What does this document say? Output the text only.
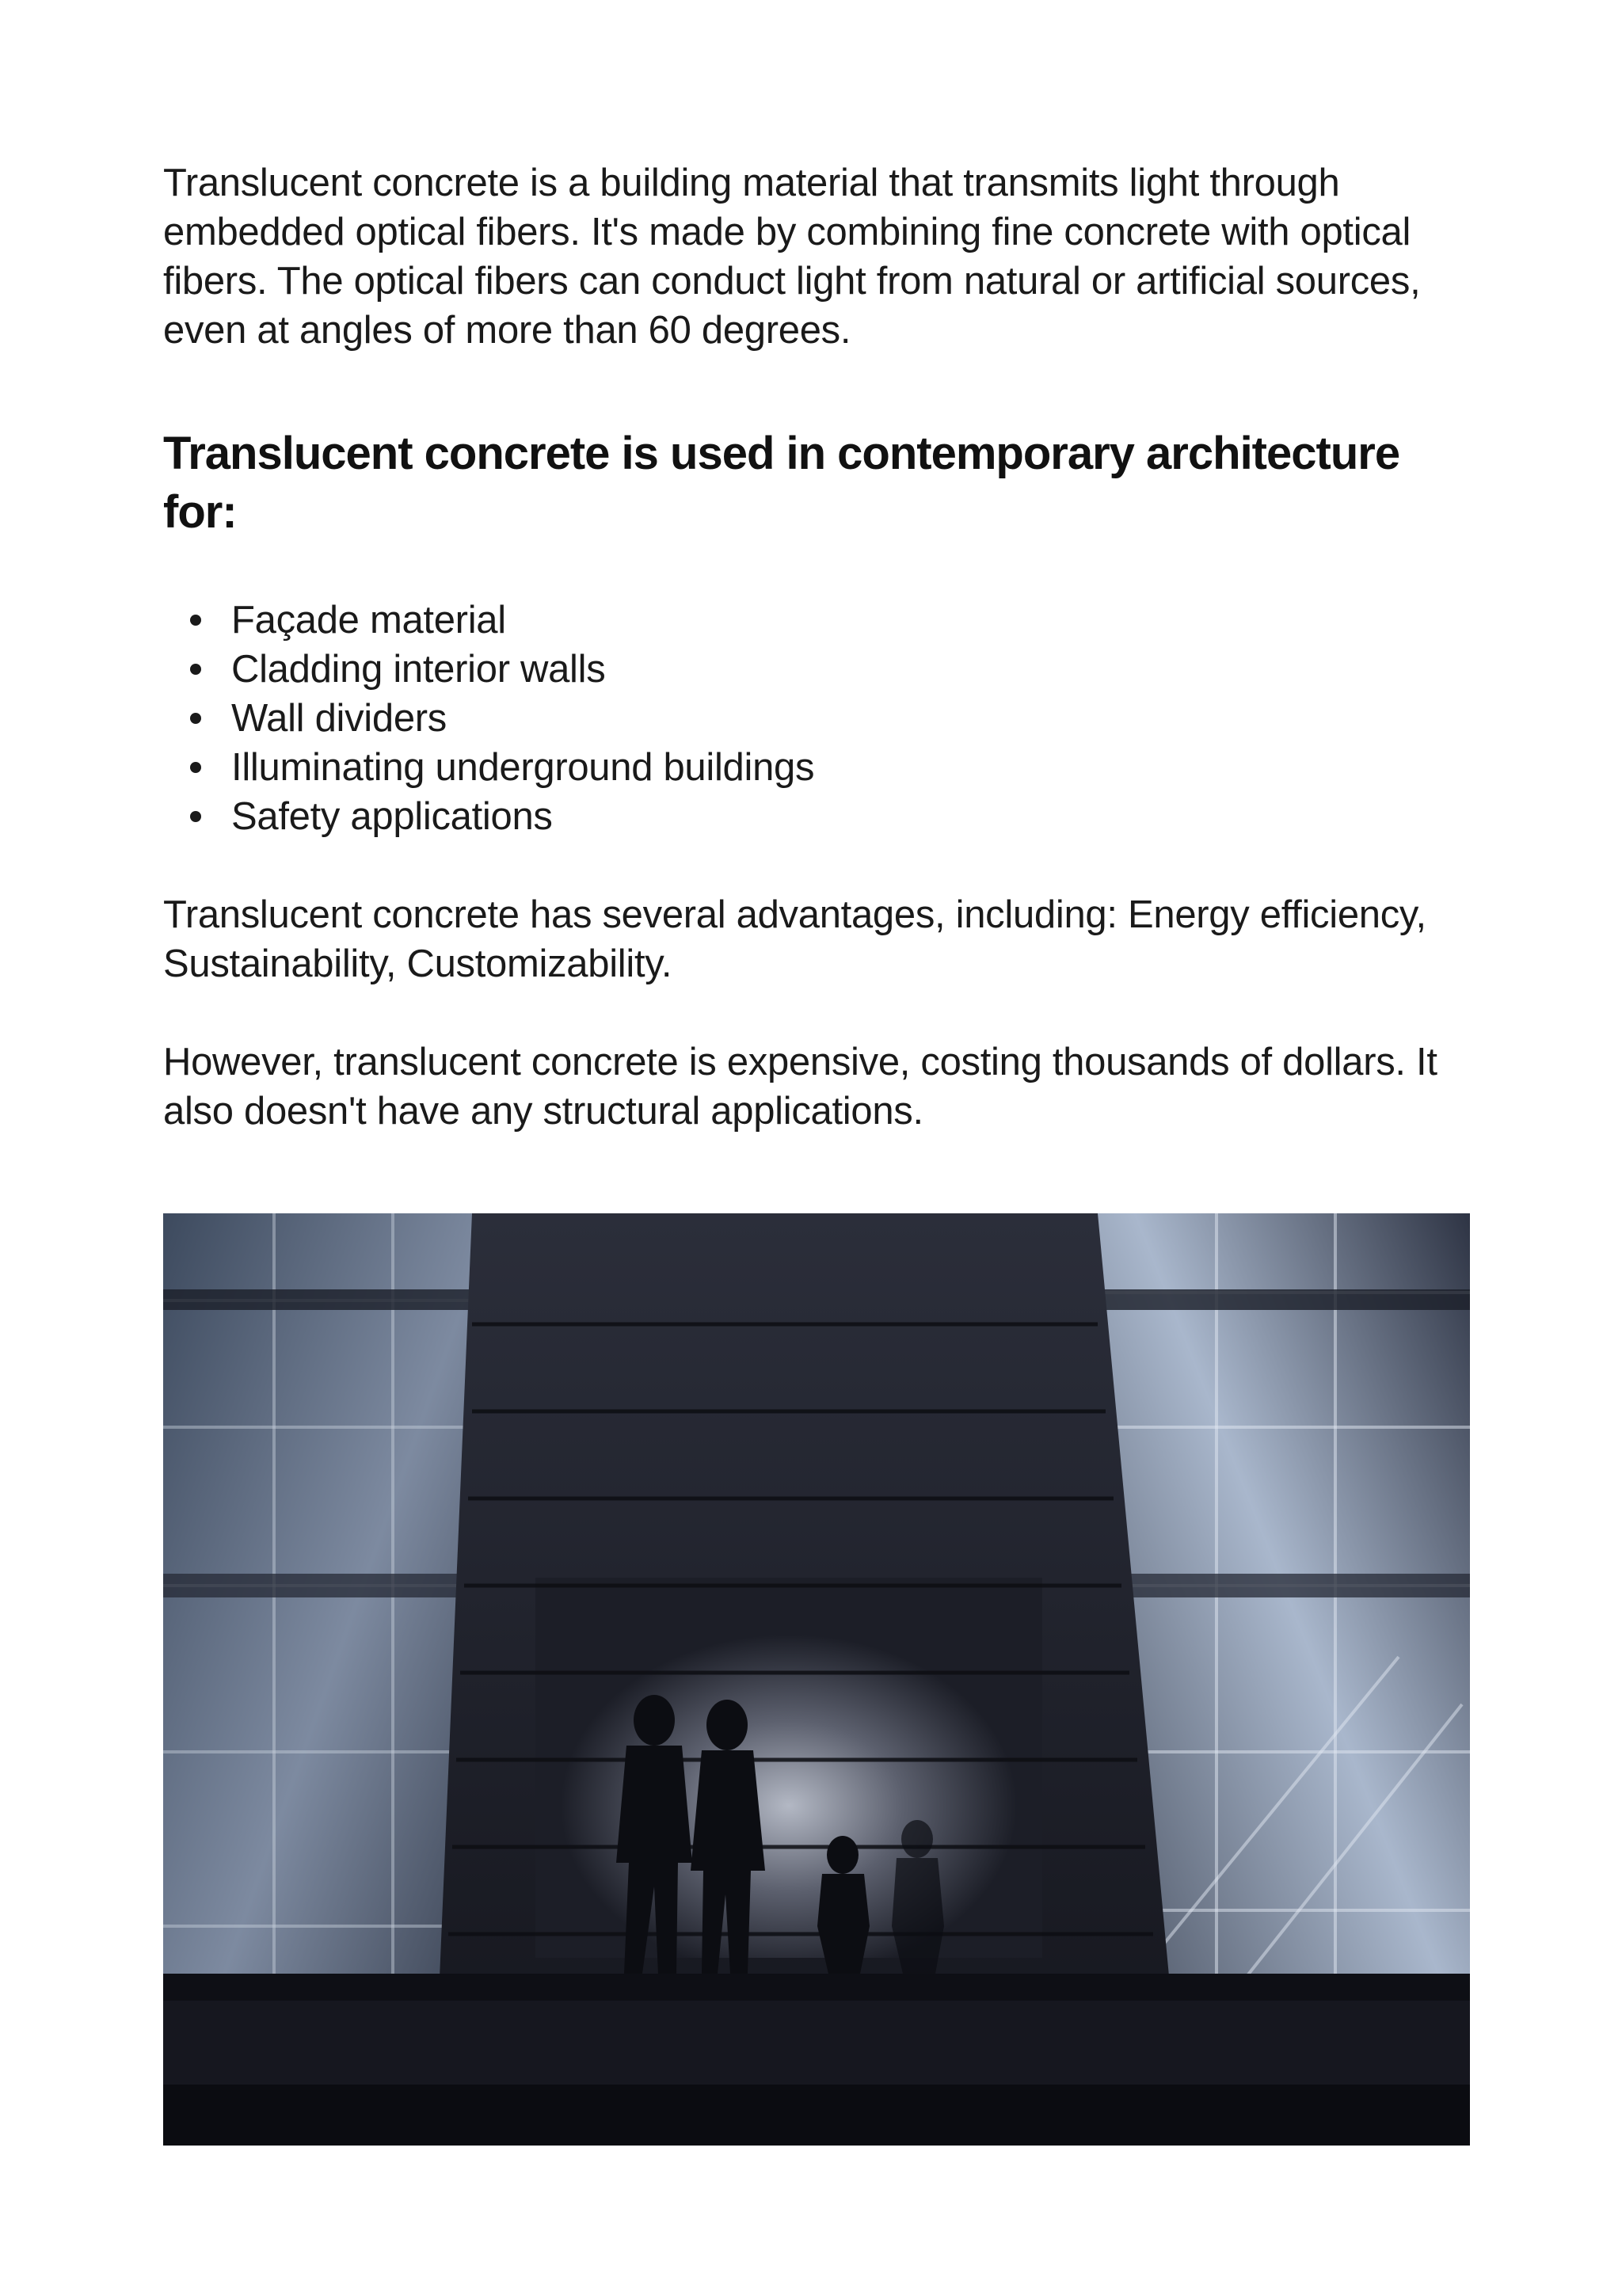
Translucent concrete is a building material that transmits light through embedded optical fibers. It's made by combining fine concrete with optical fibers. The optical fibers can conduct light from natural or artificial sources, even at angles of more than 60 degrees.

Translucent concrete is used in contemporary architecture for:
Façade material
Cladding interior walls
Wall dividers
Illuminating underground buildings
Safety applications

Translucent concrete has several advantages, including: Energy efficiency, Sustainability, Customizability.

However, translucent concrete is expensive, costing thousands of dollars. It also doesn't have any structural applications.
